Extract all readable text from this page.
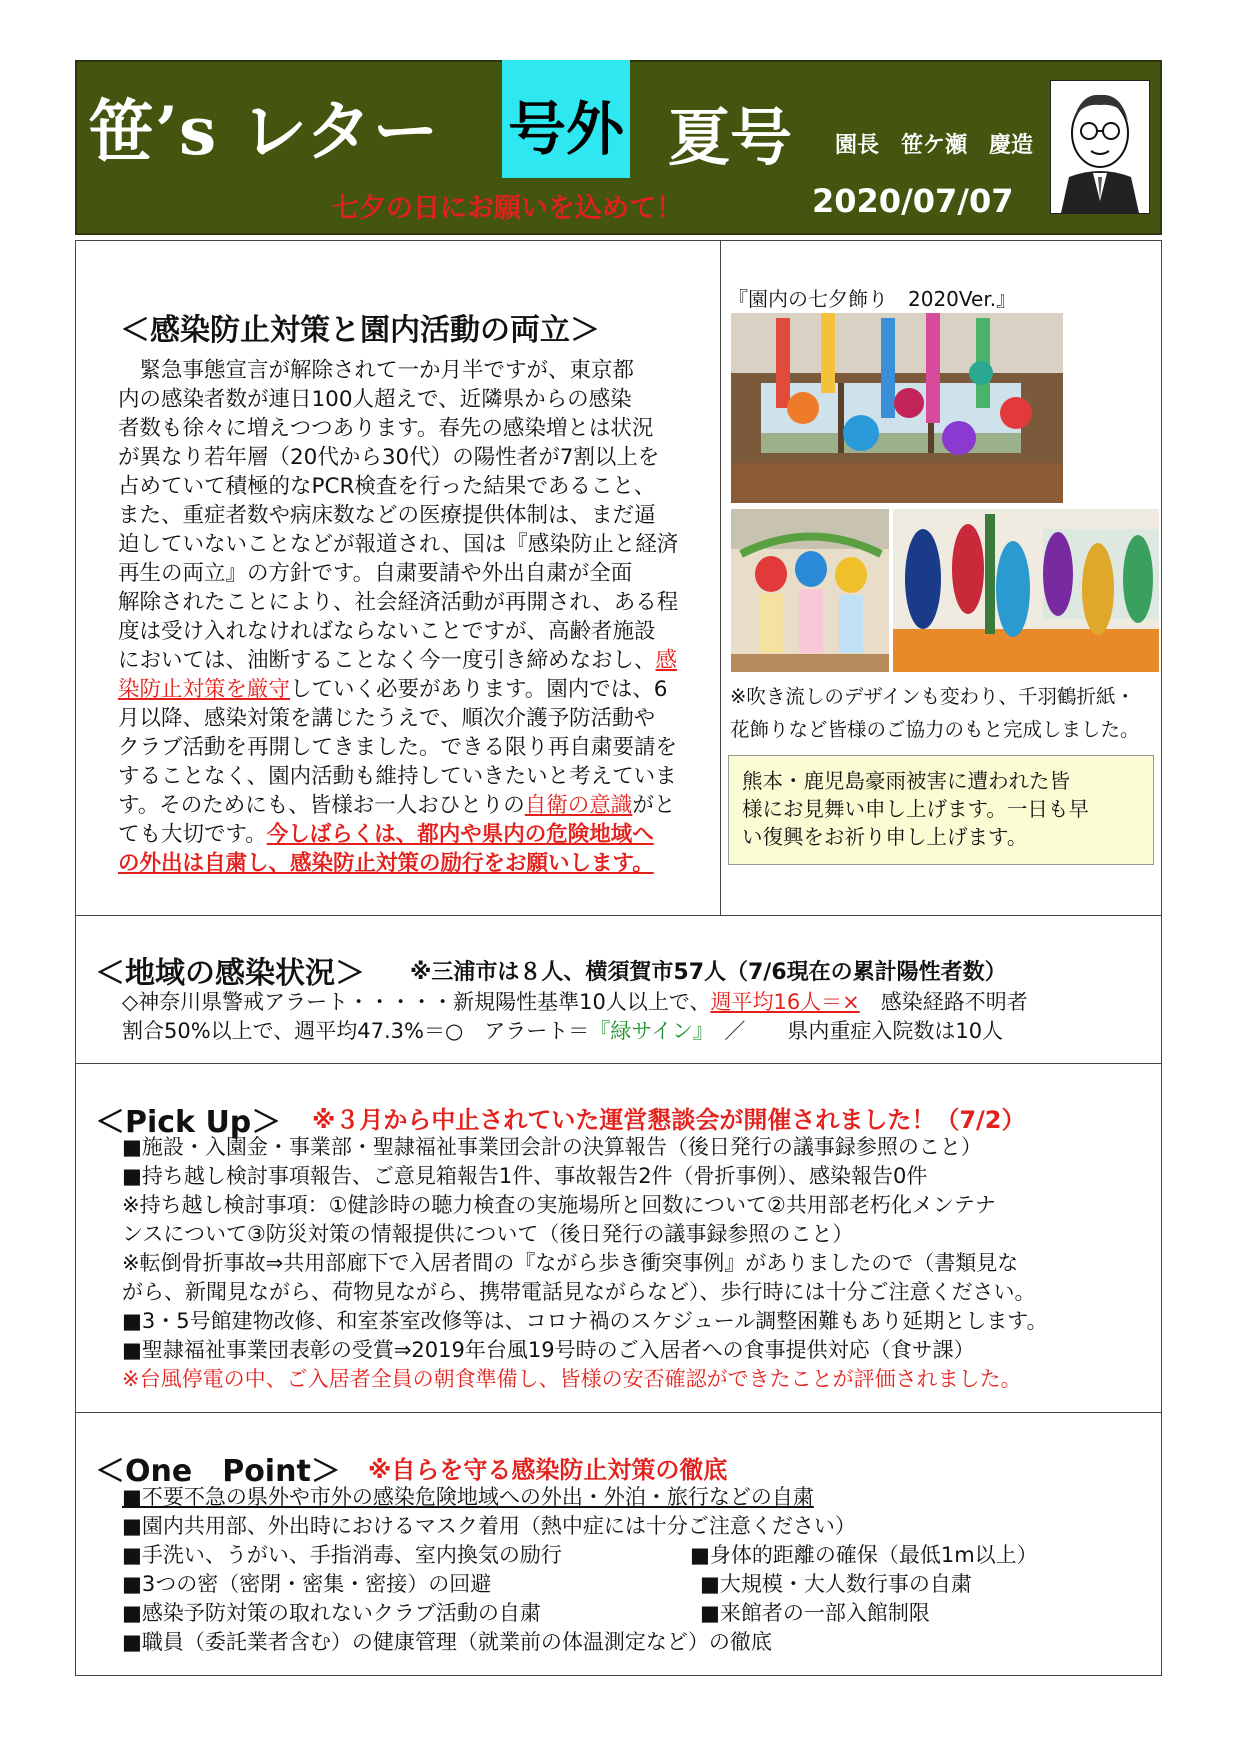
笹’s レター 号外 夏号 園長　笹ケ瀬　慶造
七夕の日にお願いを込めて！	2020/07/07
＜感染防止対策と園内活動の両立＞
　緊急事態宣言が解除されて一か月半ですが、東京都
内の感染者数が連日100人超えで、近隣県からの感染
者数も徐々に増えつつあります。春先の感染増とは状況
が異なり若年層（20代から30代）の陽性者が7割以上を
占めていて積極的なPCR検査を行った結果であること、
また、重症者数や病床数などの医療提供体制は、まだ逼
迫していないことなどが報道され、国は『感染防止と経済
再生の両立』の方針です。自粛要請や外出自粛が全面
解除されたことにより、社会経済活動が再開され、ある程
度は受け入れなければならないことですが、高齢者施設
においては、油断することなく今一度引き締めなおし、感
染防止対策を厳守していく必要があります。園内では、6
月以降、感染対策を講じたうえで、順次介護予防活動や
クラブ活動を再開してきました。できる限り再自粛要請を
することなく、園内活動も維持していきたいと考えていま
す。そのためにも、皆様お一人おひとりの自衛の意識がと
ても大切です。今しばらくは、都内や県内の危険地域へ
の外出は自粛し、感染防止対策の励行をお願いします。
『園内の七夕飾り　2020Ver.』
※吹き流しのデザインも変わり、千羽鶴折紙・
花飾りなど皆様のご協力のもと完成しました。
熊本・鹿児島豪雨被害に遭われた皆
様にお見舞い申し上げます。一日も早
い復興をお祈り申し上げます。
＜地域の感染状況＞ ※三浦市は８人、横須賀市57人（7/6現在の累計陽性者数）
◇神奈川県警戒アラート・・・・・新規陽性基準10人以上で、週平均16人＝×　感染経路不明者
割合50%以上で、週平均47.3%＝○　アラート＝『緑サイン』　／　　県内重症入院数は10人
＜Pick Up＞ ※３月から中止されていた運営懇談会が開催されました！（7/2）
■施設・入園金・事業部・聖隷福祉事業団会計の決算報告（後日発行の議事録参照のこと）
■持ち越し検討事項報告、ご意見箱報告1件、事故報告2件（骨折事例）、感染報告0件
※持ち越し検討事項：①健診時の聴力検査の実施場所と回数について②共用部老朽化メンテナ
ンスについて③防災対策の情報提供について（後日発行の議事録参照のこと）
※転倒骨折事故⇒共用部廊下で入居者間の『ながら歩き衝突事例』がありましたので（書類見な
がら、新聞見ながら、荷物見ながら、携帯電話見ながらなど）、歩行時には十分ご注意ください。
■3・5号館建物改修、和室茶室改修等は、コロナ禍のスケジュール調整困難もあり延期とします。
■聖隷福祉事業団表彰の受賞⇒2019年台風19号時のご入居者への食事提供対応（食サ課）
※台風停電の中、ご入居者全員の朝食準備し、皆様の安否確認ができたことが評価されました。
＜One　Point＞ ※自らを守る感染防止対策の徹底
■不要不急の県外や市外の感染危険地域への外出・外泊・旅行などの自粛
■園内共用部、外出時におけるマスク着用（熱中症には十分ご注意ください）
■手洗い、うがい、手指消毒、室内換気の励行	■身体的距離の確保（最低1m以上）
■3つの密（密閉・密集・密接）の回避	■大規模・大人数行事の自粛
■感染予防対策の取れないクラブ活動の自粛	■来館者の一部入館制限
■職員（委託業者含む）の健康管理（就業前の体温測定など）の徹底
